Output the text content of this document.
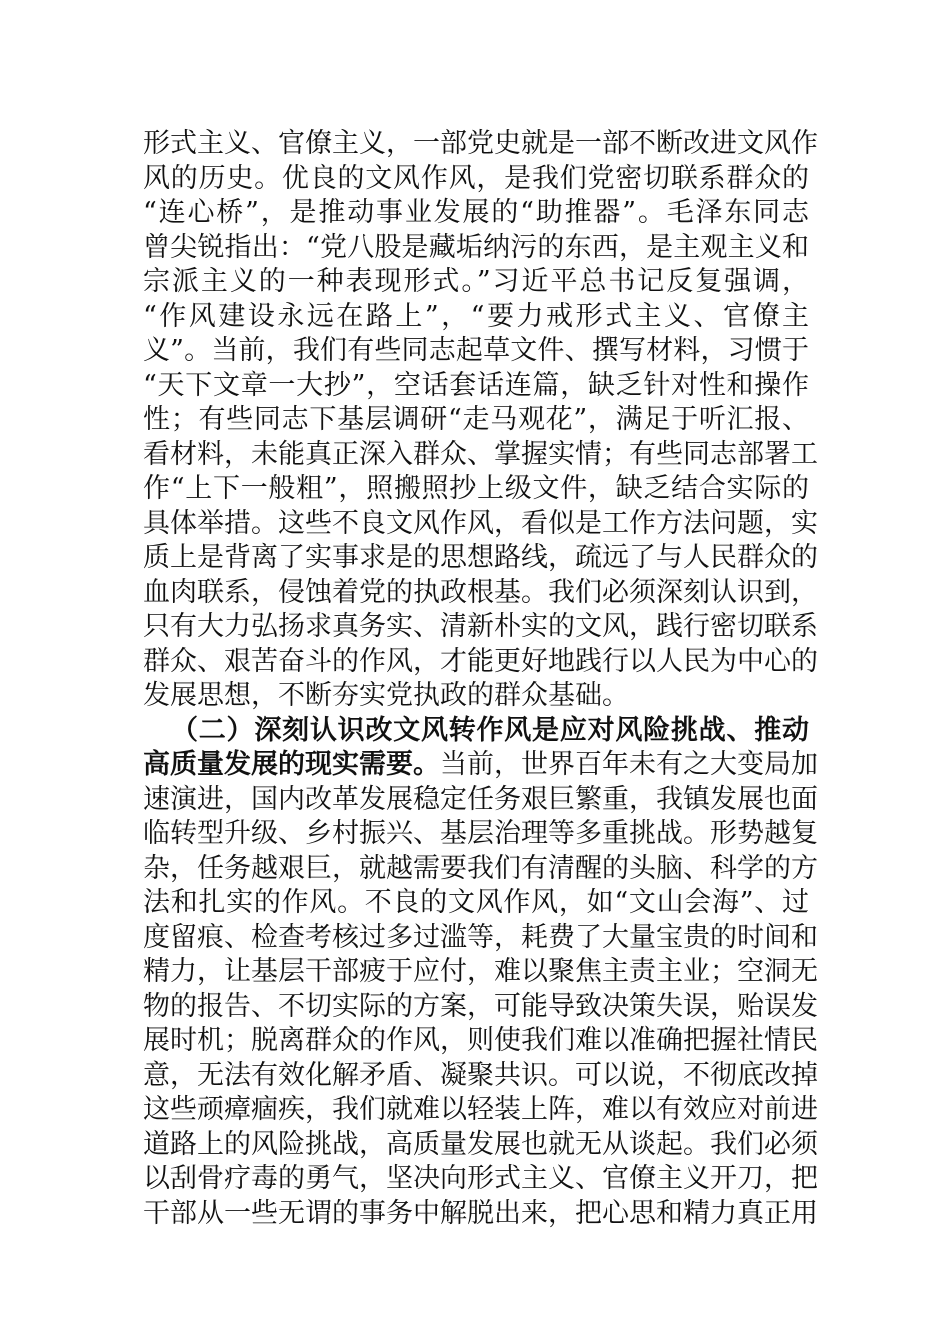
形式主义、官僚主义，一部党史就是一部不断改进文风作
风的历史。优良的文风作风，是我们党密切联系群众的
“连心桥”，是推动事业发展的“助推器”。毛泽东同志
曾尖锐指出：“党八股是藏垢纳污的东西，是主观主义和
宗派主义的一种表现形式。”习近平总书记反复强调，
“作风建设永远在路上”，“要力戒形式主义、官僚主
义”。当前，我们有些同志起草文件、撰写材料，习惯于
“天下文章一大抄”，空话套话连篇，缺乏针对性和操作
性；有些同志下基层调研“走马观花”，满足于听汇报、
看材料，未能真正深入群众、掌握实情；有些同志部署工
作“上下一般粗”，照搬照抄上级文件，缺乏结合实际的
具体举措。这些不良文风作风，看似是工作方法问题，实
质上是背离了实事求是的思想路线，疏远了与人民群众的
血肉联系，侵蚀着党的执政根基。我们必须深刻认识到，
只有大力弘扬求真务实、清新朴实的文风，践行密切联系
群众、艰苦奋斗的作风，才能更好地践行以人民为中心的
发展思想，不断夯实党执政的群众基础。
（二）深刻认识改文风转作风是应对风险挑战、推动
高质量发展的现实需要。当前，世界百年未有之大变局加
速演进，国内改革发展稳定任务艰巨繁重，我镇发展也面
临转型升级、乡村振兴、基层治理等多重挑战。形势越复
杂，任务越艰巨，就越需要我们有清醒的头脑、科学的方
法和扎实的作风。不良的文风作风，如“文山会海”、过
度留痕、检查考核过多过滥等，耗费了大量宝贵的时间和
精力，让基层干部疲于应付，难以聚焦主责主业；空洞无
物的报告、不切实际的方案，可能导致决策失误，贻误发
展时机；脱离群众的作风，则使我们难以准确把握社情民
意，无法有效化解矛盾、凝聚共识。可以说，不彻底改掉
这些顽瘴痼疾，我们就难以轻装上阵，难以有效应对前进
道路上的风险挑战，高质量发展也就无从谈起。我们必须
以刮骨疗毒的勇气，坚决向形式主义、官僚主义开刀，把
干部从一些无谓的事务中解脱出来，把心思和精力真正用
